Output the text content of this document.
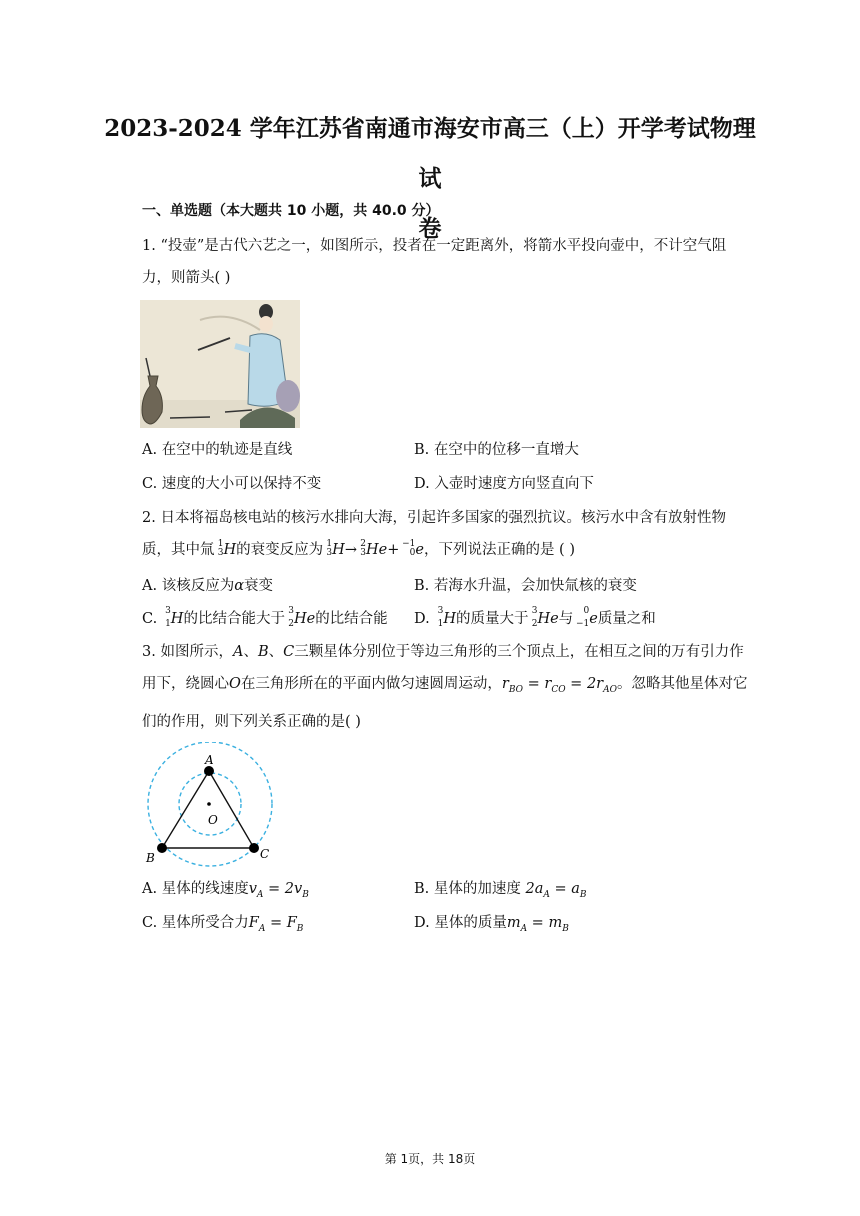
2023-2024 学年江苏省南通市海安市高三（上）开学考试物理试
卷
一、单选题（本大题共 10 小题，共 40.0 分）
1. “投壶”是古代六艺之一，如图所示，投者在一定距离外，将箭水平投向壶中，不计空气阻力，则箭头( )
A. 在空中的轨迹是直线	B. 在空中的位移一直增大
C. 速度的大小可以保持不变	D. 入壶时速度方向竖直向下
2. 日本将福岛核电站的核污水排向大海，引起许多国家的强烈抗议。核污水中含有放射性物质，其中氚 3
1 H的衰变反应为 3
1 H→ 3
2 He+ 0
−1 e，下列说法正确的是 ( )
A. 该核反应为α衰变	B. 若海水升温，会加快氚核的衰变
C. 3
1 H的比结合能大于 3
2 He的比结合能 D. 3
1 H的质量大于 3
2 He与 0
−1 e质量之和
3. 如图所示，A、B、C三颗星体分别位于等边三角形的三个顶点上，在相互之间的万有引力作用下，绕圆心O在三角形所在的平面内做匀速圆周运动，$r_{BO} = r_{CO} = 2r_{AO}$。忽略其他星体对它们的作用，则下列关系正确的是( )
A
B	C
O
A. 星体的线速度$v_A = 2v_B$	B. 星体的加速度 $2a_A = a_B$
C. 星体所受合力$F_A = F_B$	D. 星体的质量$m_A = m_B$
第 1页，共 18页
